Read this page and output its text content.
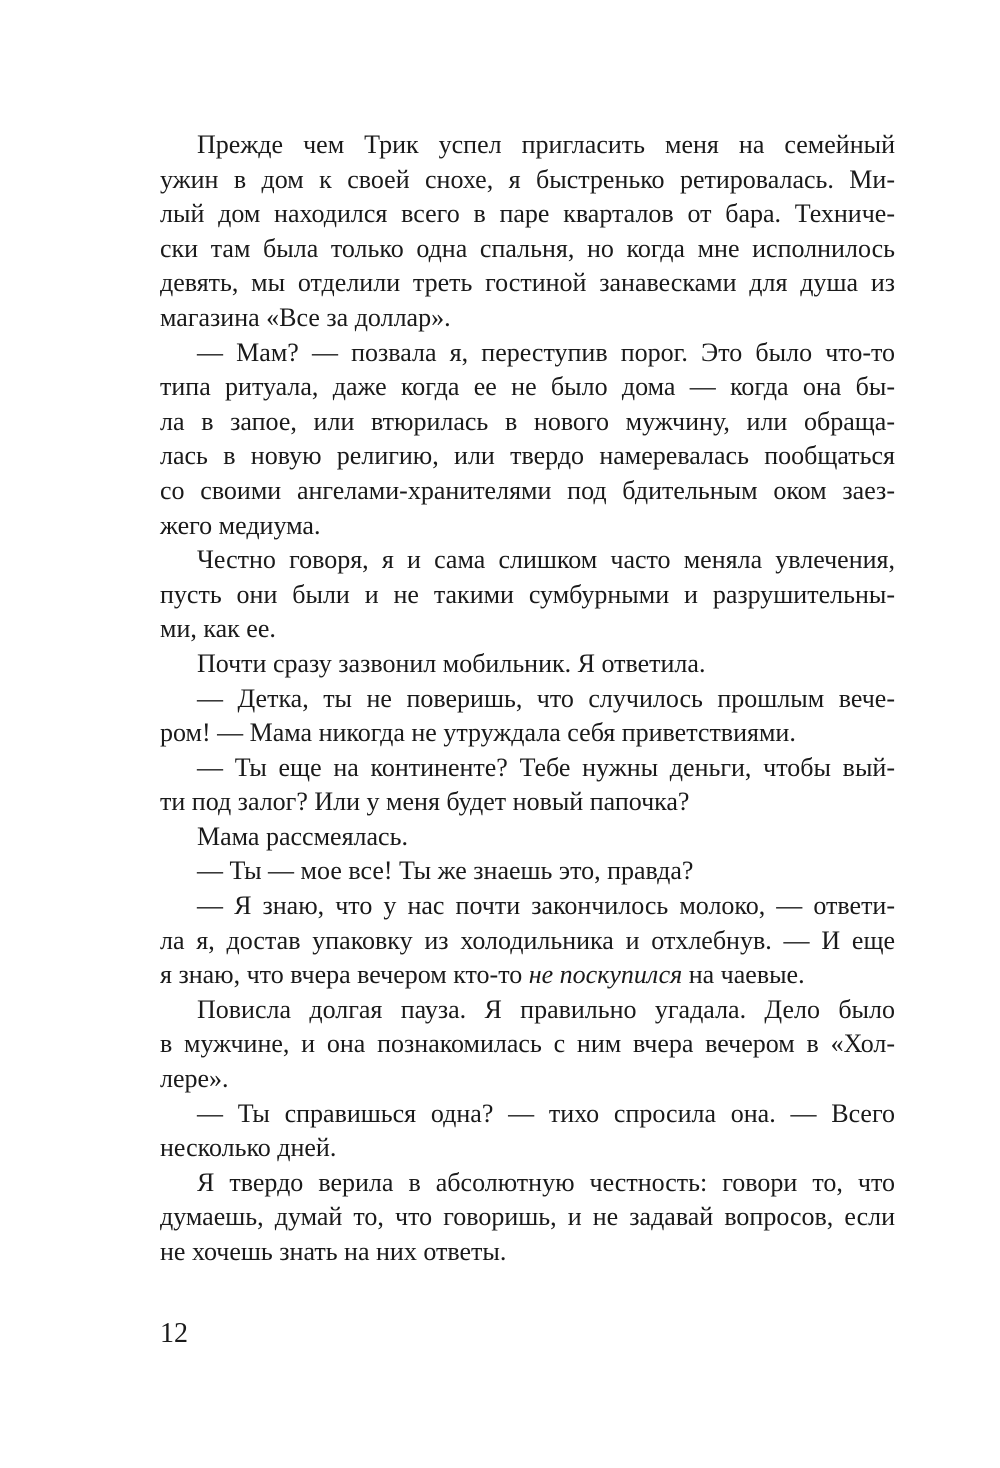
Прежде чем Трик успел пригласить меня на семейный
ужин в дом к своей снохе, я быстренько ретировалась. Ми-
лый дом находился всего в паре кварталов от бара. Техниче-
ски там была только одна спальня, но когда мне исполнилось
девять, мы отделили треть гостиной занавесками для душа из
магазина «Все за доллар».
— Мам? — позвала я, переступив порог. Это было что-то
типа ритуала, даже когда ее не было дома — когда она бы-
ла в запое, или втюрилась в нового мужчину, или обраща-
лась в новую религию, или твердо намеревалась пообщаться
со своими ангелами-хранителями под бдительным оком заез-
жего медиума.
Честно говоря, я и сама слишком часто меняла увлечения,
пусть они были и не такими сумбурными и разрушительны-
ми, как ее.
Почти сразу зазвонил мобильник. Я ответила.
— Детка, ты не поверишь, что случилось прошлым вече-
ром! — Мама никогда не утруждала себя приветствиями.
— Ты еще на континенте? Тебе нужны деньги, чтобы вый-
ти под залог? Или у меня будет новый папочка?
Мама рассмеялась.
— Ты — мое все! Ты же знаешь это, правда?
— Я знаю, что у нас почти закончилось молоко, — ответи-
ла я, достав упаковку из холодильника и отхлебнув. — И еще
я знаю, что вчера вечером кто-то не поскупился на чаевые.
Повисла долгая пауза. Я правильно угадала. Дело было
в мужчине, и она познакомилась с ним вчера вечером в «Хол-
лере».
— Ты справишься одна? — тихо спросила она. — Всего
несколько дней.
Я твердо верила в абсолютную честность: говори то, что
думаешь, думай то, что говоришь, и не задавай вопросов, если
не хочешь знать на них ответы.
12
